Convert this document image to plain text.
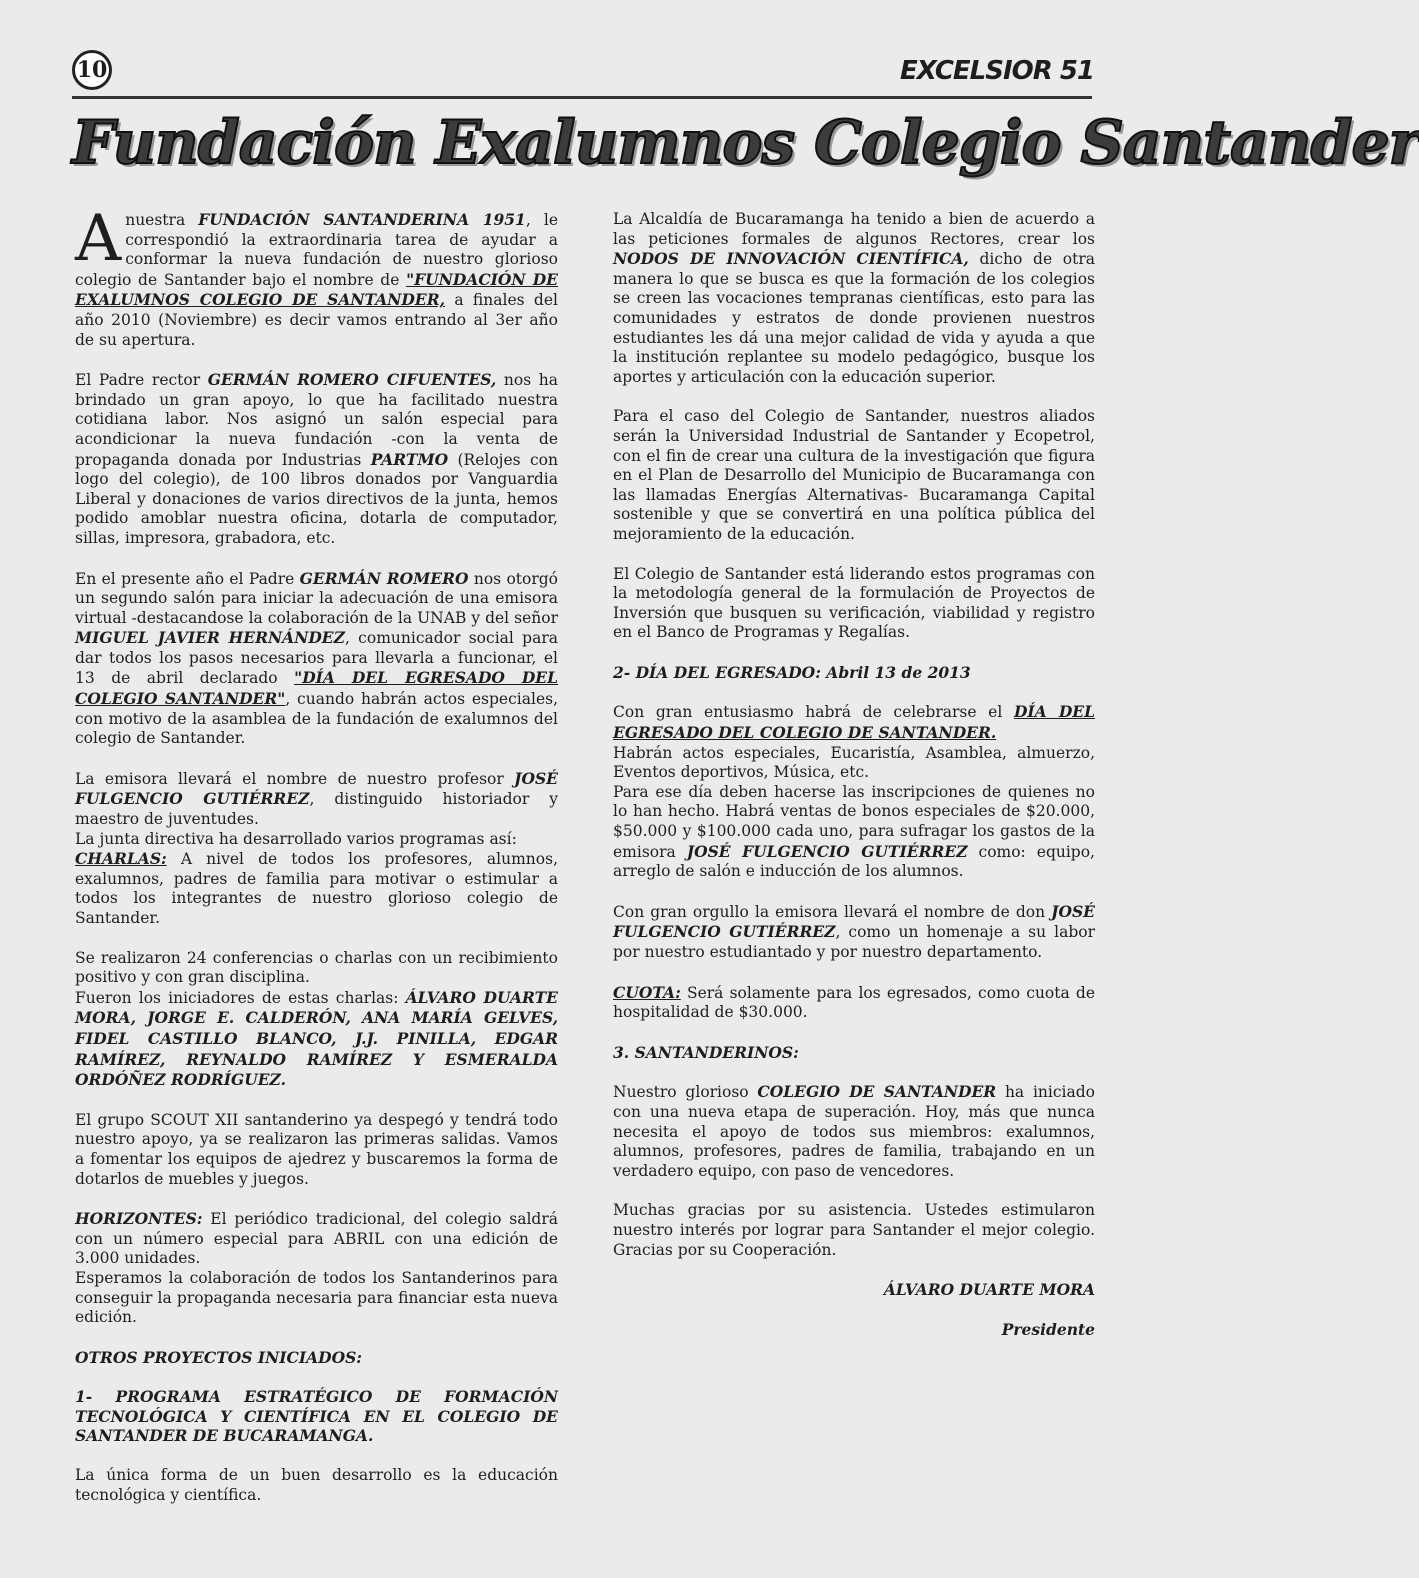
10	EXCELSIOR 51
Fundación Exalumnos Colegio Santander

A nuestra FUNDACIÓN SANTANDERINA 1951, le correspondió la extraordinaria tarea de ayudar a conformar la nueva fundación de nuestro glorioso colegio de Santander bajo el nombre de "FUNDACIÓN DE EXALUMNOS COLEGIO DE SANTANDER, a finales del año 2010 (Noviembre) es decir vamos entrando al 3er año de su apertura.

El Padre rector GERMÁN ROMERO CIFUENTES, nos ha brindado un gran apoyo, lo que ha facilitado nuestra cotidiana labor. Nos asignó un salón especial para acondicionar la nueva fundación -con la venta de propaganda donada por Industrias PARTMO (Relojes con logo del colegio), de 100 libros donados por Vanguardia Liberal y donaciones de varios directivos de la junta, hemos podido amoblar nuestra oficina, dotarla de computador, sillas, impresora, grabadora, etc.

En el presente año el Padre GERMÁN ROMERO nos otorgó un segundo salón para iniciar la adecuación de una emisora virtual -destacandose la colaboración de la UNAB y del señor MIGUEL JAVIER HERNÁNDEZ, comunicador social para dar todos los pasos necesarios para llevarla a funcionar, el 13 de abril declarado "DÍA DEL EGRESADO DEL COLEGIO SANTANDER", cuando habrán actos especiales, con motivo de la asamblea de la fundación de exalumnos del colegio de Santander.

La emisora llevará el nombre de nuestro profesor JOSÉ FULGENCIO GUTIÉRREZ, distinguido historiador y maestro de juventudes.

La junta directiva ha desarrollado varios programas así:

CHARLAS: A nivel de todos los profesores, alumnos, exalumnos, padres de familia para motivar o estimular a todos los integrantes de nuestro glorioso colegio de Santander.

Se realizaron 24 conferencias o charlas con un recibimiento positivo y con gran disciplina.

Fueron los iniciadores de estas charlas: ÁLVARO DUARTE MORA, JORGE E. CALDERÓN, ANA MARÍA GELVES, FIDEL CASTILLO BLANCO, J.J. PINILLA, EDGAR RAMÍREZ, REYNALDO RAMÍREZ Y ESMERALDA ORDÓÑEZ RODRÍGUEZ.

El grupo SCOUT XII santanderino ya despegó y tendrá todo nuestro apoyo, ya se realizaron las primeras salidas. Vamos a fomentar los equipos de ajedrez y buscaremos la forma de dotarlos de muebles y juegos.

HORIZONTES: El periódico tradicional, del colegio saldrá con un número especial para ABRIL con una edición de 3.000 unidades.

Esperamos la colaboración de todos los Santanderinos para conseguir la propaganda necesaria para financiar esta nueva edición.

OTROS PROYECTOS INICIADOS:
1- PROGRAMA ESTRATÉGICO DE FORMACIÓN TECNOLÓGICA Y CIENTÍFICA EN EL COLEGIO DE SANTANDER DE BUCARAMANGA.

La única forma de un buen desarrollo es la educación tecnológica y científica.

La Alcaldía de Bucaramanga ha tenido a bien de acuerdo a las peticiones formales de algunos Rectores, crear los NODOS DE INNOVACIÓN CIENTÍFICA, dicho de otra manera lo que se busca es que la formación de los colegios se creen las vocaciones tempranas científicas, esto para las comunidades y estratos de donde provienen nuestros estudiantes les dá una mejor calidad de vida y ayuda a que la institución replantee su modelo pedagógico, busque los aportes y articulación con la educación superior.

Para el caso del Colegio de Santander, nuestros aliados serán la Universidad Industrial de Santander y Ecopetrol, con el fin de crear una cultura de la investigación que figura en el Plan de Desarrollo del Municipio de Bucaramanga con las llamadas Energías Alternativas- Bucaramanga Capital sostenible y que se convertirá en una política pública del mejoramiento de la educación.

El Colegio de Santander está liderando estos programas con la metodología general de la formulación de Proyectos de Inversión que busquen su verificación, viabilidad y registro en el Banco de Programas y Regalías.

2- DÍA DEL EGRESADO: Abril 13 de 2013

Con gran entusiasmo habrá de celebrarse el DÍA DEL EGRESADO DEL COLEGIO DE SANTANDER.

Habrán actos especiales, Eucaristía, Asamblea, almuerzo, Eventos deportivos, Música, etc.

Para ese día deben hacerse las inscripciones de quienes no lo han hecho. Habrá ventas de bonos especiales de $20.000, $50.000 y $100.000 cada uno, para sufragar los gastos de la emisora JOSÉ FULGENCIO GUTIÉRREZ como: equipo, arreglo de salón e inducción de los alumnos.

Con gran orgullo la emisora llevará el nombre de don JOSÉ FULGENCIO GUTIÉRREZ, como un homenaje a su labor por nuestro estudiantado y por nuestro departamento.

CUOTA: Será solamente para los egresados, como cuota de hospitalidad de $30.000.

3. SANTANDERINOS:

Nuestro glorioso COLEGIO DE SANTANDER ha iniciado con una nueva etapa de superación. Hoy, más que nunca necesita el apoyo de todos sus miembros: exalumnos, alumnos, profesores, padres de familia, trabajando en un verdadero equipo, con paso de vencedores.

Muchas gracias por su asistencia. Ustedes estimularon nuestro interés por lograr para Santander el mejor colegio. Gracias por su Cooperación.

ÁLVARO DUARTE MORA

Presidente
